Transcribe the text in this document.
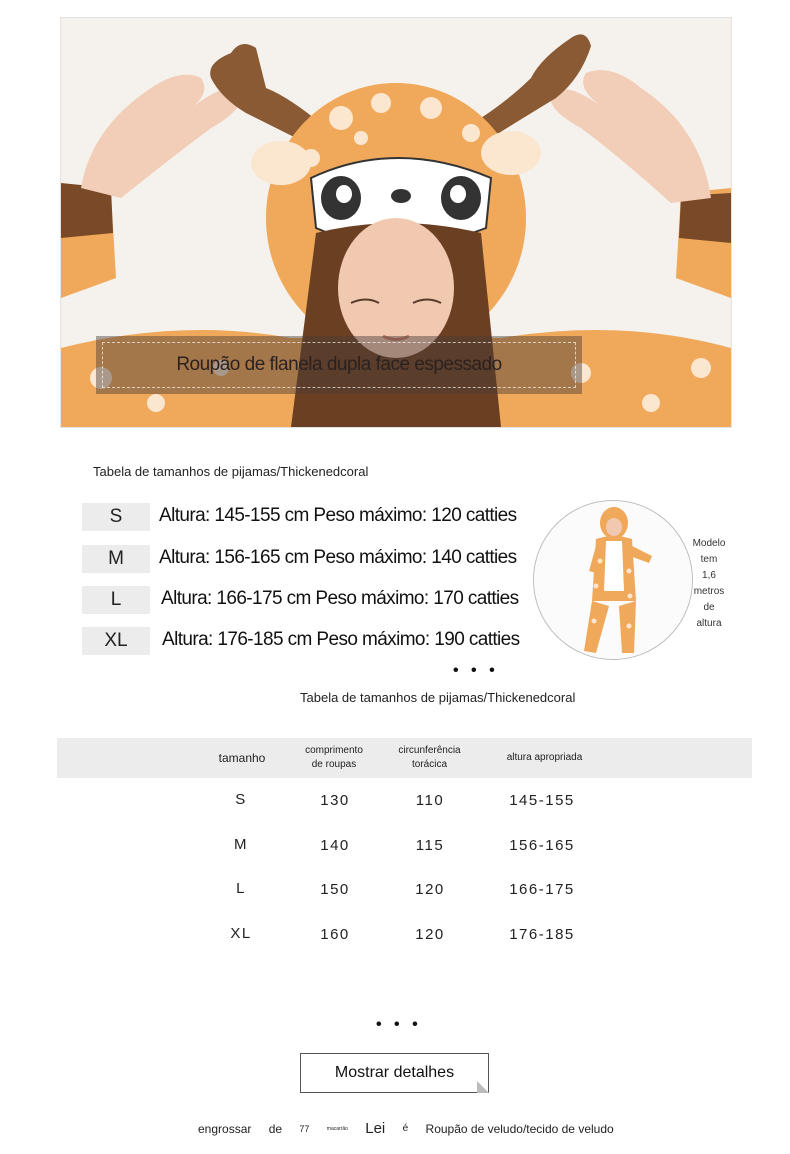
Roupão de flanela dupla face espessado
Tabela de tamanhos de pijamas/Thickenedcoral
S	Altura: 145-155 cm Peso máximo: 120 catties
M	Altura: 156-165 cm Peso máximo: 140 catties
L	Altura: 166-175 cm Peso máximo: 170 catties
XL	Altura: 176-185 cm Peso máximo: 190 catties
Modelo
tem
1,6
metros
de
altura
• • •
Tabela de tamanhos de pijamas/Thickenedcoral
tamanho
comprimento de roupas
circunferência torácica
altura apropriada
S	130	110	145-155
M	140	115	156-165
L	150	120	166-175
XL	160	120	176-185
• • •
Mostrar detalhes
engrossar de 77	macarrão Lei é Roupão de veludo/tecido de veludo
